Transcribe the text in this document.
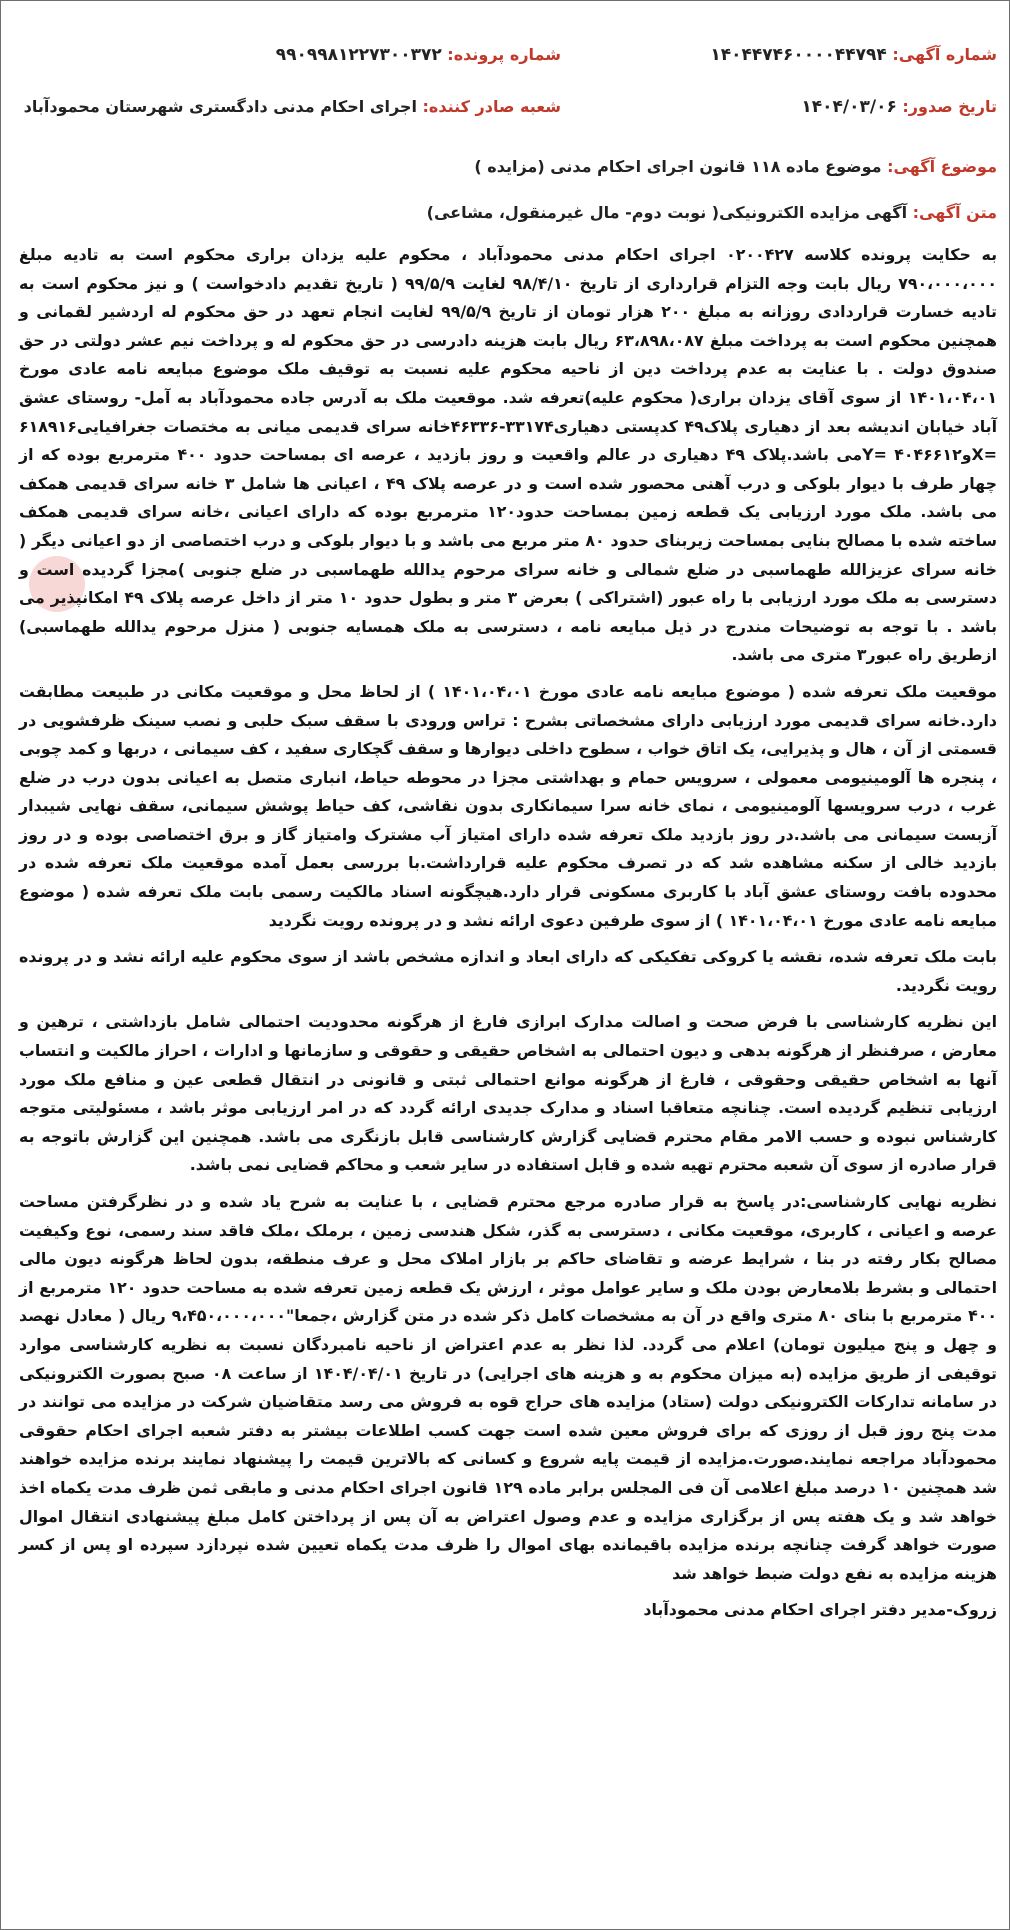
شماره آگهی: ۱۴۰۴۴۷۴۶۰۰۰۰۴۴۷۹۴
شماره پرونده: ۹۹۰۹۹۸۱۲۲۷۳۰۰۳۷۲
تاریخ صدور: ۱۴۰۴/۰۳/۰۶
شعبه صادر کننده: اجرای احکام مدنی دادگستری شهرستان محمودآباد
موضوع آگهی: موضوع ماده ۱۱۸ قانون اجرای احکام مدنی (مزایده )
متن آگهی: آگهی مزایده الکترونیکی( نوبت دوم- مال غیرمنقول، مشاعی)

به حکایت پرونده کلاسه ۰۲۰۰۴۲۷ اجرای احکام مدنی محمودآباد ، محکوم علیه یزدان براری محکوم است به تادیه مبلغ ۷۹۰،۰۰۰،۰۰۰ ریال بابت وجه التزام قرارداری از تاریخ ۹۸/۴/۱۰ لغایت ۹۹/۵/۹ ( تاریخ تقدیم دادخواست ) و نیز محکوم است به تادیه خسارت قراردادی روزانه به مبلغ ۲۰۰ هزار تومان از تاریخ ۹۹/۵/۹ لغایت انجام تعهد در حق محکوم له اردشیر لقمانی و همچنین محکوم است به پرداخت مبلغ ۶۳،۸۹۸،۰۸۷ ریال بابت هزینه دادرسی در حق محکوم له و پرداخت نیم عشر دولتی در حق صندوق دولت . با عنایت به عدم پرداخت دین از ناحیه محکوم علیه نسبت به توقیف ملک موضوع مبایعه نامه عادی مورخ ۱۴۰۱،۰۴،۰۱ از سوی آقای یزدان براری( محکوم علیه)تعرفه شد. موقعیت ملک به آدرس جاده محمودآباد به آمل- روستای عشق آباد خیابان اندیشه بعد از دهیاری پلاک۴۹ کدپستی دهیاری۳۳۱۷۴-۴۶۳۳۶خانه سرای قدیمی میانی به مختصات جغرافیایی۶۱۸۹۱۶ =Xو۴۰۴۶۶۱۲ =Yمی باشد.پلاک ۴۹ دهیاری در عالم واقعیت و روز بازدید ، عرصه ای بمساحت حدود ۴۰۰ مترمربع بوده که از چهار طرف با دیوار بلوکی و درب آهنی محصور شده است و در عرصه پلاک ۴۹ ، اعیانی ها شامل ۳ خانه سرای قدیمی همکف می باشد. ملک مورد ارزیابی یک قطعه زمین بمساحت حدود۱۲۰ مترمربع بوده که دارای اعیانی ،خانه سرای قدیمی همکف ساخته شده با مصالح بنایی بمساحت زیربنای حدود ۸۰ متر مربع می باشد و با دیوار بلوکی و درب اختصاصی از دو اعیانی دیگر ( خانه سرای عزیزالله طهماسبی در ضلع شمالی و خانه سرای مرحوم یدالله طهماسبی در ضلع جنوبی )مجزا گردیده است و دسترسی به ملک مورد ارزیابی با راه عبور (اشتراکی ) بعرض ۳ متر و بطول حدود ۱۰ متر از داخل عرصه پلاک ۴۹ امکانپذیر می باشد . با توجه به توضیحات مندرج در ذیل مبایعه نامه ، دسترسی به ملک همسایه جنوبی ( منزل مرحوم یدالله طهماسبی) ازطریق راه عبور۳ متری می باشد.

موقعیت ملک تعرفه شده ( موضوع مبایعه نامه عادی مورخ ۱۴۰۱،۰۴،۰۱ ) از لحاظ محل و موقعیت مکانی در طبیعت مطابقت دارد.خانه سرای قدیمی مورد ارزیابی دارای مشخصاتی بشرح : تراس ورودی با سقف سبک حلبی و نصب سینک ظرفشویی در قسمتی از آن ، هال و پذیرایی، یک اتاق خواب ، سطوح داخلی دیوارها و سقف گچکاری سفید ، کف سیمانی ، دربها و کمد چوبی ، پنجره ها آلومینیومی معمولی ، سرویس حمام و بهداشتی مجزا در محوطه حیاط، انباری متصل به اعیانی بدون درب در ضلع غرب ، درب سرویسها آلومینیومی ، نمای خانه سرا سیمانکاری بدون نقاشی، کف حیاط پوشش سیمانی، سقف نهایی شیبدار آزبست سیمانی می باشد.در روز بازدید ملک تعرفه شده دارای امتیاز آب مشترک وامتیاز گاز و برق اختصاصی بوده و در روز بازدید خالی از سکنه مشاهده شد که در تصرف محکوم علیه قرارداشت.با بررسی بعمل آمده موقعیت ملک تعرفه شده در محدوده بافت روستای عشق آباد با کاربری مسکونی قرار دارد.هیچگونه اسناد مالکیت رسمی بابت ملک تعرفه شده ( موضوع مبایعه نامه عادی مورخ ۱۴۰۱،۰۴،۰۱ ) از سوی طرفین دعوی ارائه نشد و در پرونده رویت نگردید

بابت ملک تعرفه شده، نقشه یا کروکی تفکیکی که دارای ابعاد و اندازه مشخص باشد از سوی محکوم علیه ارائه نشد و در پرونده رویت نگردید.

این نظریه کارشناسی با فرض صحت و اصالت مدارک ابرازی فارغ از هرگونه محدودیت احتمالی شامل بازداشتی ، ترهین و معارض ، صرفنظر از هرگونه بدهی و دیون احتمالی به اشخاص حقیقی و حقوقی و سازمانها و ادارات ، احراز مالکیت و انتساب آنها به اشخاص حقیقی وحقوقی ، فارغ از هرگونه موانع احتمالی ثبتی و قانونی در انتقال قطعی عین و منافع ملک مورد ارزیابی تنظیم گردیده است. چنانچه متعاقبا اسناد و مدارک جدیدی ارائه گردد که در امر ارزیابی موثر باشد ، مسئولیتی متوجه کارشناس نبوده و حسب الامر مقام محترم قضایی گزارش کارشناسی قابل بازنگری می باشد. همچنین این گزارش باتوجه به قرار صادره از سوی آن شعبه محترم تهیه شده و قابل استفاده در سایر شعب و محاکم قضایی نمی باشد.

نظریه نهایی کارشناسی:در پاسخ به قرار صادره مرجع محترم قضایی ، با عنایت به شرح یاد شده و در نظرگرفتن مساحت عرصه و اعیانی ، کاربری، موقعیت مکانی ، دسترسی به گذر، شکل هندسی زمین ، برملک ،ملک فاقد سند رسمی، نوع وکیفیت مصالح بکار رفته در بنا ، شرایط عرضه و تقاضای حاکم بر بازار املاک محل و عرف منطقه، بدون لحاظ هرگونه دیون مالی احتمالی و بشرط بلامعارض بودن ملک و سایر عوامل موثر ، ارزش یک قطعه زمین تعرفه شده به مساحت حدود ۱۲۰ مترمربع از ۴۰۰ مترمربع با بنای ۸۰ متری واقع در آن به مشخصات کامل ذکر شده در متن گزارش ،جمعا"۹،۴۵۰،۰۰۰،۰۰۰ ریال ( معادل نهصد و چهل و پنج میلیون تومان) اعلام می گردد. لذا نظر به عدم اعتراض از ناحیه نامبردگان نسبت به نظریه کارشناسی موارد توقیفی از طریق مزایده (به میزان محکوم به و هزینه های اجرایی) در تاریخ ۱۴۰۴/۰۴/۰۱ از ساعت ۰۸ صبح بصورت الکترونیکی در سامانه تدارکات الکترونیکی دولت (ستاد) مزایده های حراج قوه به فروش می رسد متقاضیان شرکت در مزایده می توانند در مدت پنج روز قبل از روزی که برای فروش معین شده است جهت کسب اطلاعات بیشتر به دفتر شعبه اجرای احکام حقوقی محمودآباد مراجعه نمایند.صورت.مزایده از قیمت پایه شروع و کسانی که بالاترین قیمت را پیشنهاد نمایند برنده مزایده خواهند شد همچنین ۱۰ درصد مبلغ اعلامی آن فی المجلس برابر ماده ۱۲۹ قانون اجرای احکام مدنی و مابقی ثمن ظرف مدت یکماه اخذ خواهد شد و یک هفته پس از برگزاری مزایده و عدم وصول اعتراض به آن پس از پرداختن کامل مبلغ پیشنهادی انتقال اموال صورت خواهد گرفت چنانچه برنده مزایده باقیمانده بهای اموال را ظرف مدت یکماه تعیین شده نپردازد سپرده او پس از کسر هزینه مزایده به نفع دولت ضبط خواهد شد

زروک-مدیر دفتر اجرای احکام مدنی محمودآباد
